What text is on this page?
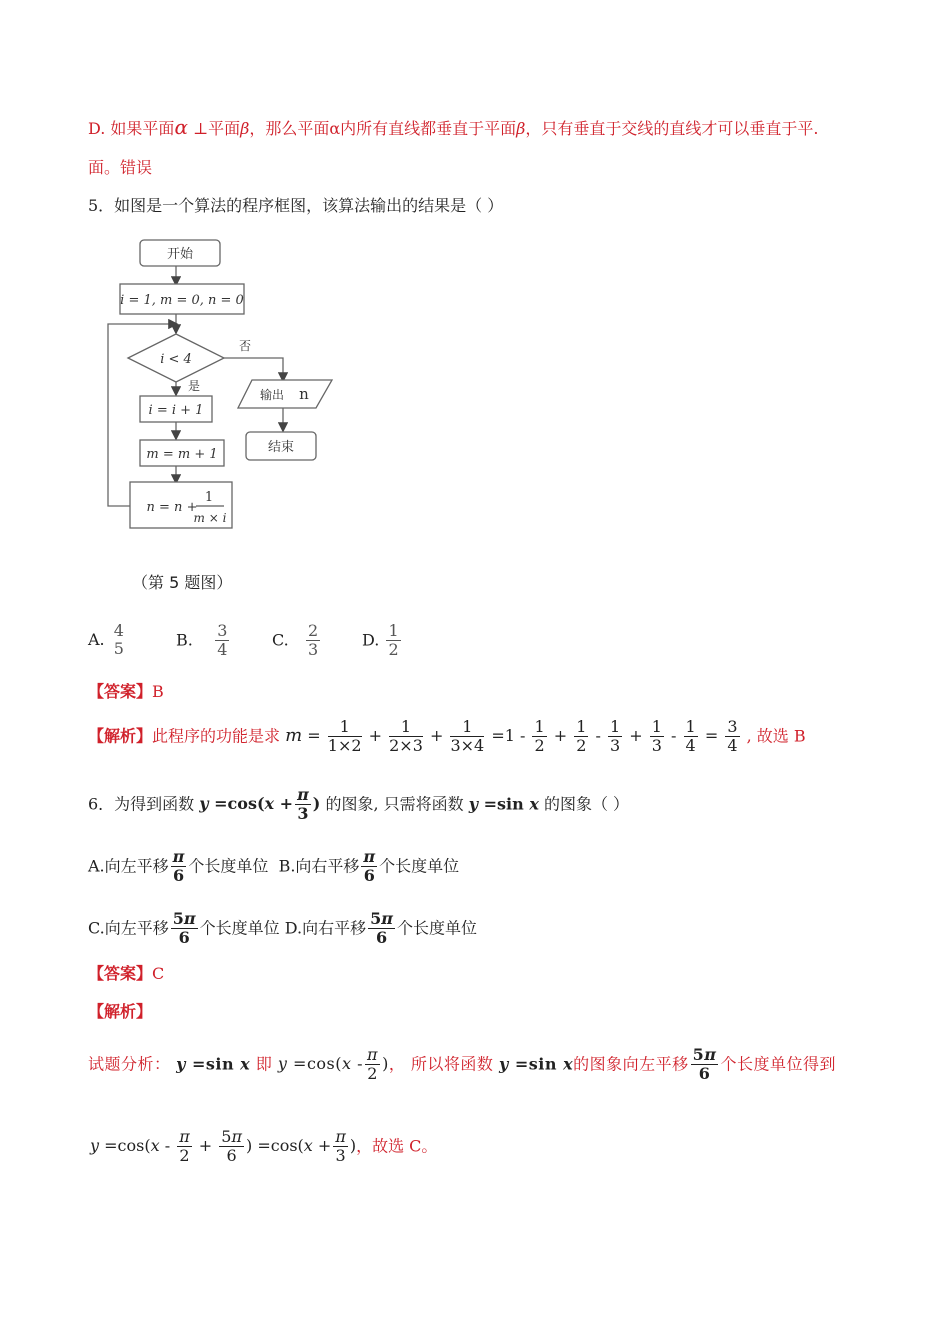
D. 如果平面α ⊥平面β，那么平面α内所有直线都垂直于平面β，只有垂直于交线的直线才可以垂直于平.
面。错误
5．如图是一个算法的程序框图，该算法输出的结果是（ ）
开始
i = 1, m = 0, n = 0
i < 4
否
是
i = i + 1
m = m + 1
n = n +
1
m × i
输出 n
结束
（第 5 题图）
A. 4
5	B. $\frac{3}{4}$	C. $\frac{2}{3}$	D. $\frac{1}{2}$
【答案】B
【解析】此程序的功能是求 $m = \frac{1}{1\times 2} + \frac{1}{2\times 3} + \frac{1}{3\times 4} =1 - \frac{1}{2} + \frac{1}{2} - \frac{1}{3} + \frac{1}{3} - \frac{1}{4} = \frac{3}{4}$ , 故选 B
6．为得到函数 $y =\cos(x + \frac{\pi}{3}$ ) 的图象, 只需将函数 y =sin x 的图象（ ）
A.向左平移 $\frac{\pi}{6}$ 个长度单位 B.向右平移 $\frac{\pi}{6}$ 个长度单位
C.向左平移 $\frac{5\pi}{6}$ 个长度单位 D.向右平移 $\frac{5\pi}{6}$ 个长度单位
【答案】C
【解析】
试题分析： y =sin x 即 $y =\cos(x - \frac{\pi}{2}$ )， 所以将函数 y =sin x的图象向左平移 $\frac{5\pi}{6}$ 个长度单位得到
$y =\cos(x - \frac{\pi}{2} + \frac{5\pi}{6}$ ) $=\cos(x + \frac{\pi}{3}$ )，故选 C。
